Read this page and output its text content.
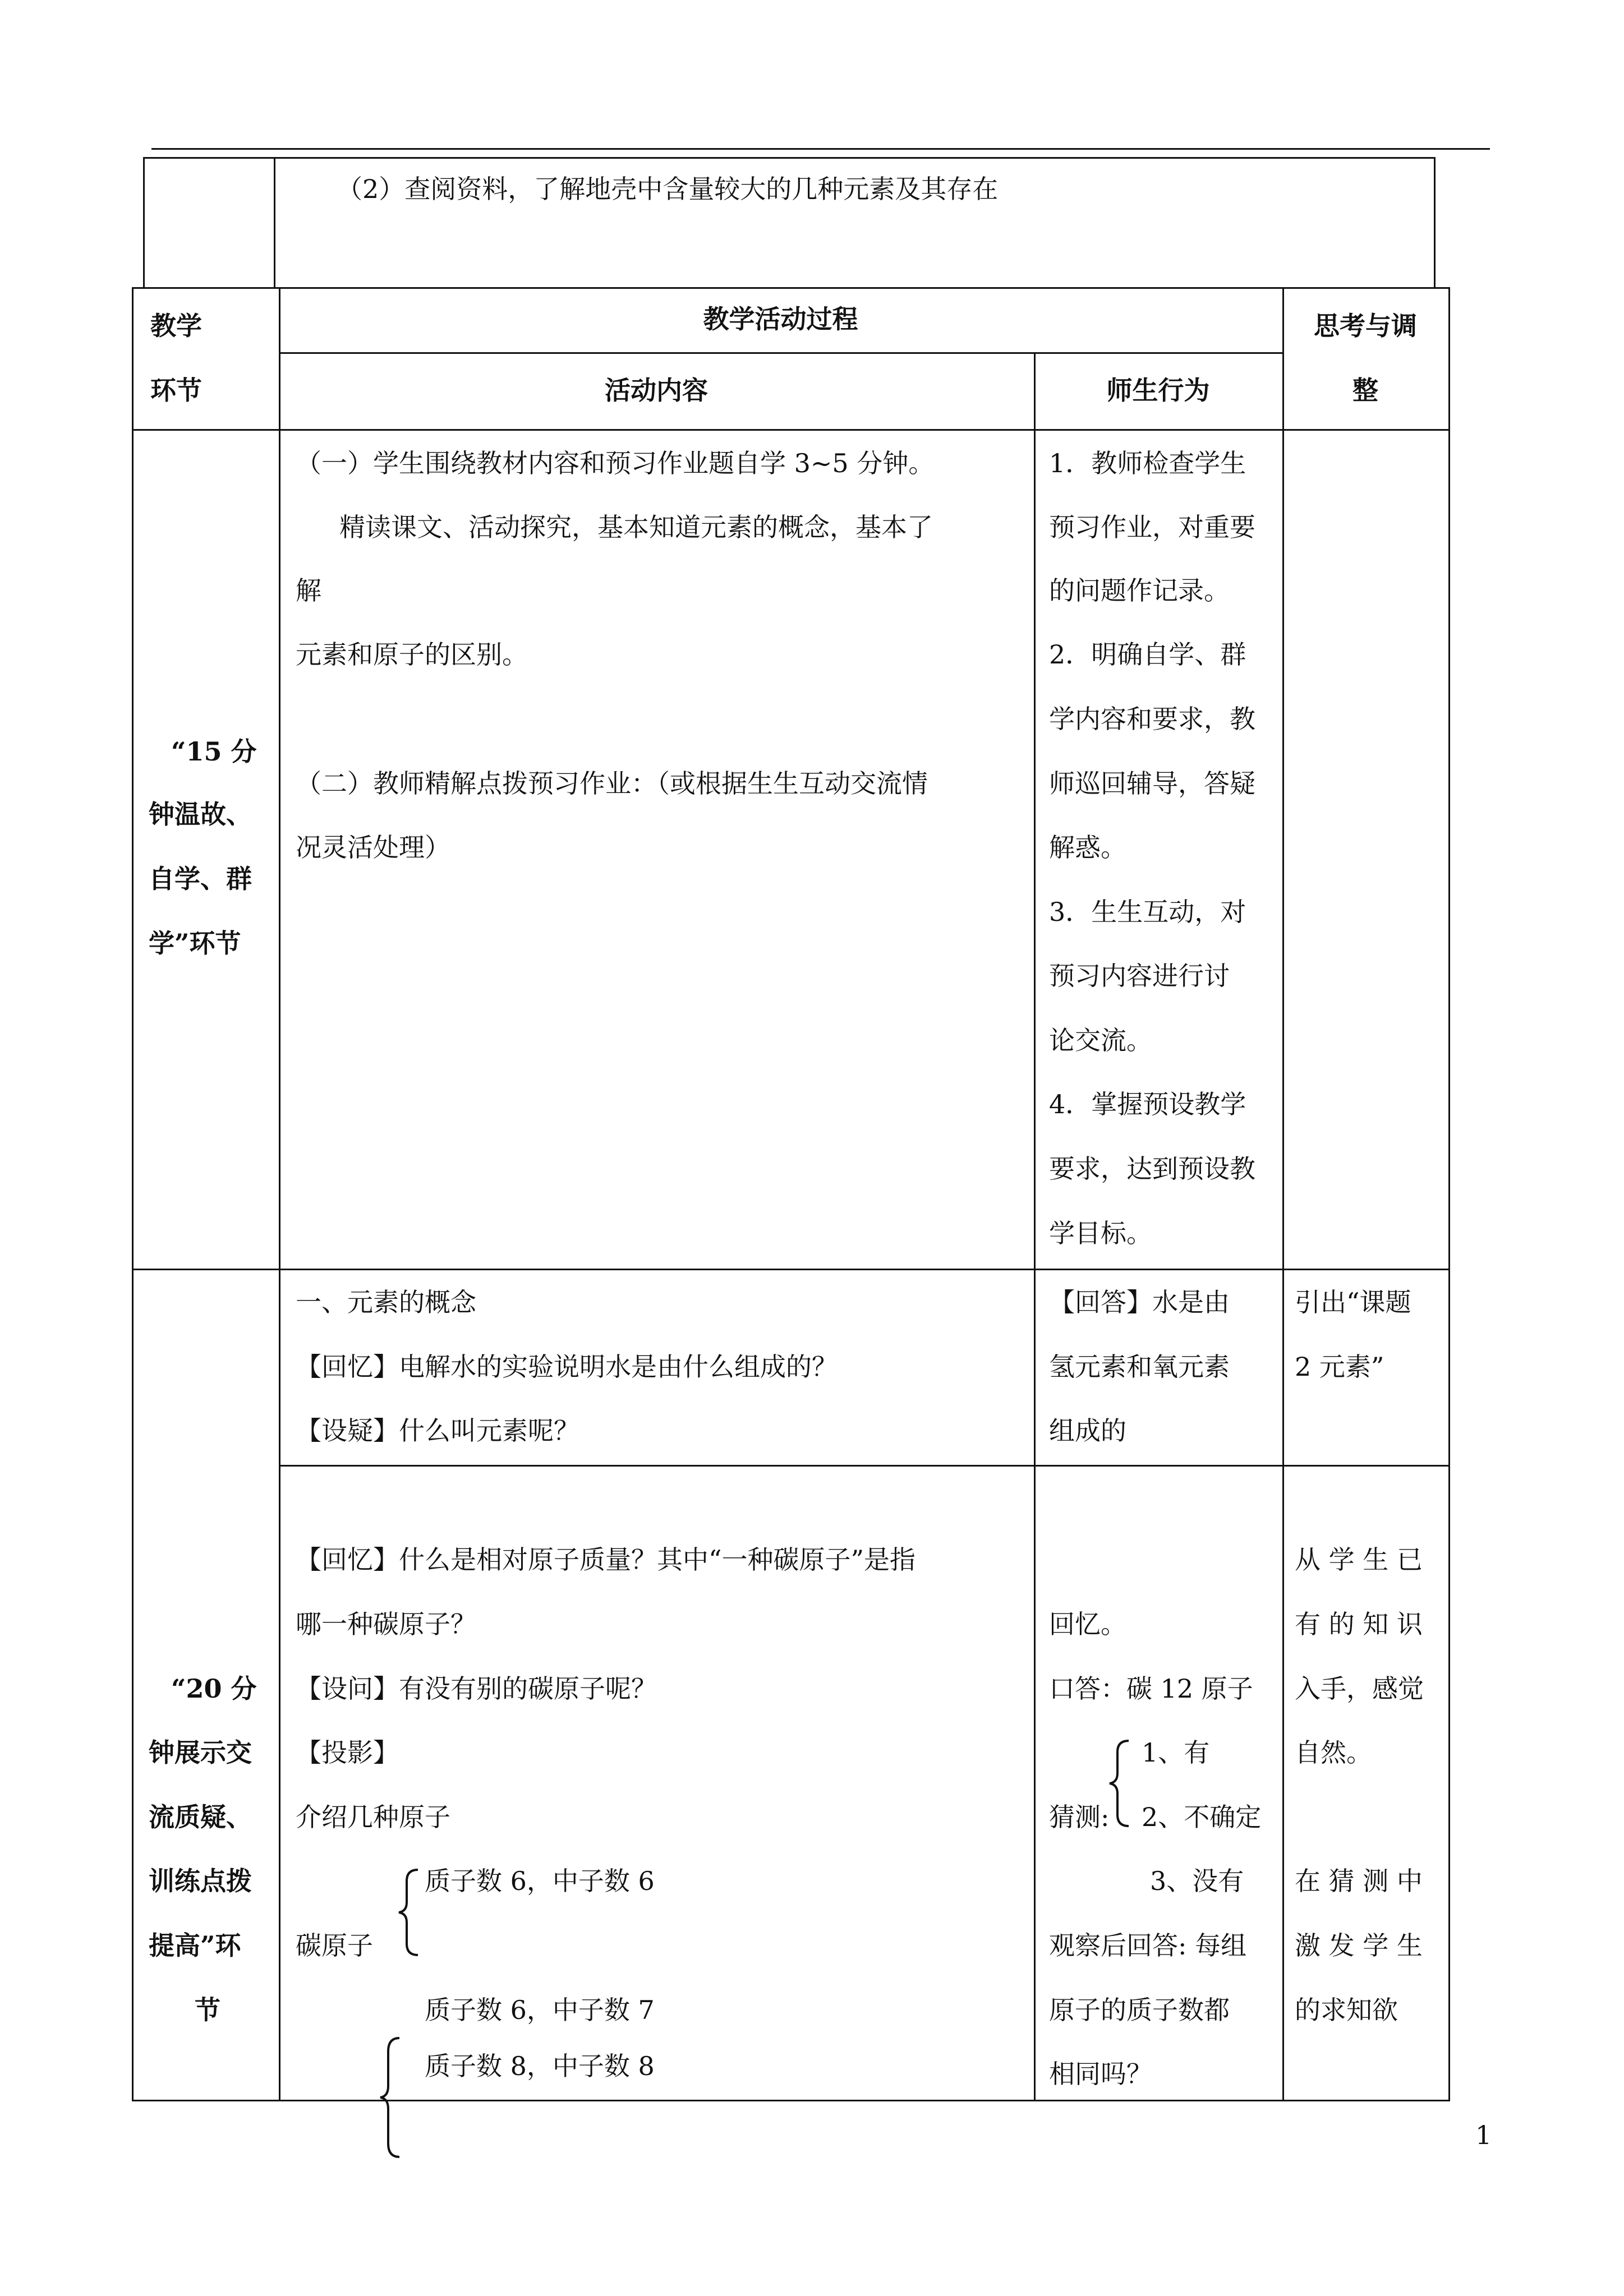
（2）查阅资料，了解地壳中含量较大的几种元素及其存在
教学
环节
教学活动过程
活动内容	师生行为
思考与调
整
“15 分
钟温故、
自学、群
学”环节
（一）学生围绕教材内容和预习作业题自学 3~5 分钟。
精读课文、活动探究，基本知道元素的概念，基本了
解
元素和原子的区别。
（二）教师精解点拨预习作业：（或根据生生互动交流情
况灵活处理）
1．教师检查学生
预习作业，对重要
的问题作记录。
2．明确自学、群
学内容和要求，教
师巡回辅导，答疑
解惑。
3．生生互动，对
预习内容进行讨
论交流。
4．掌握预设教学
要求，达到预设教
学目标。
一、元素的概念
【回忆】电解水的实验说明水是由什么组成的？
【设疑】什么叫元素呢？
【回答】水是由
氢元素和氧元素
组成的
引出“课题
2 元素”
“20 分
钟展示交
流质疑、
训练点拨
提高”环
节
【回忆】什么是相对原子质量？其中“一种碳原子”是指
哪一种碳原子？
【设问】有没有别的碳原子呢？
【投影】
介绍几种原子
质子数 6，中子数 6
碳原子
质子数 6，中子数 7
质子数 8，中子数 8
回忆。
口答：碳 12 原子
1、有
猜测: 2、不确定
3、没有
观察后回答: 每组
原子的质子数都
相同吗？
从 学 生 已
有 的 知 识
入手，感觉
自然。
在 猜 测 中
激 发 学 生
的求知欲
1
